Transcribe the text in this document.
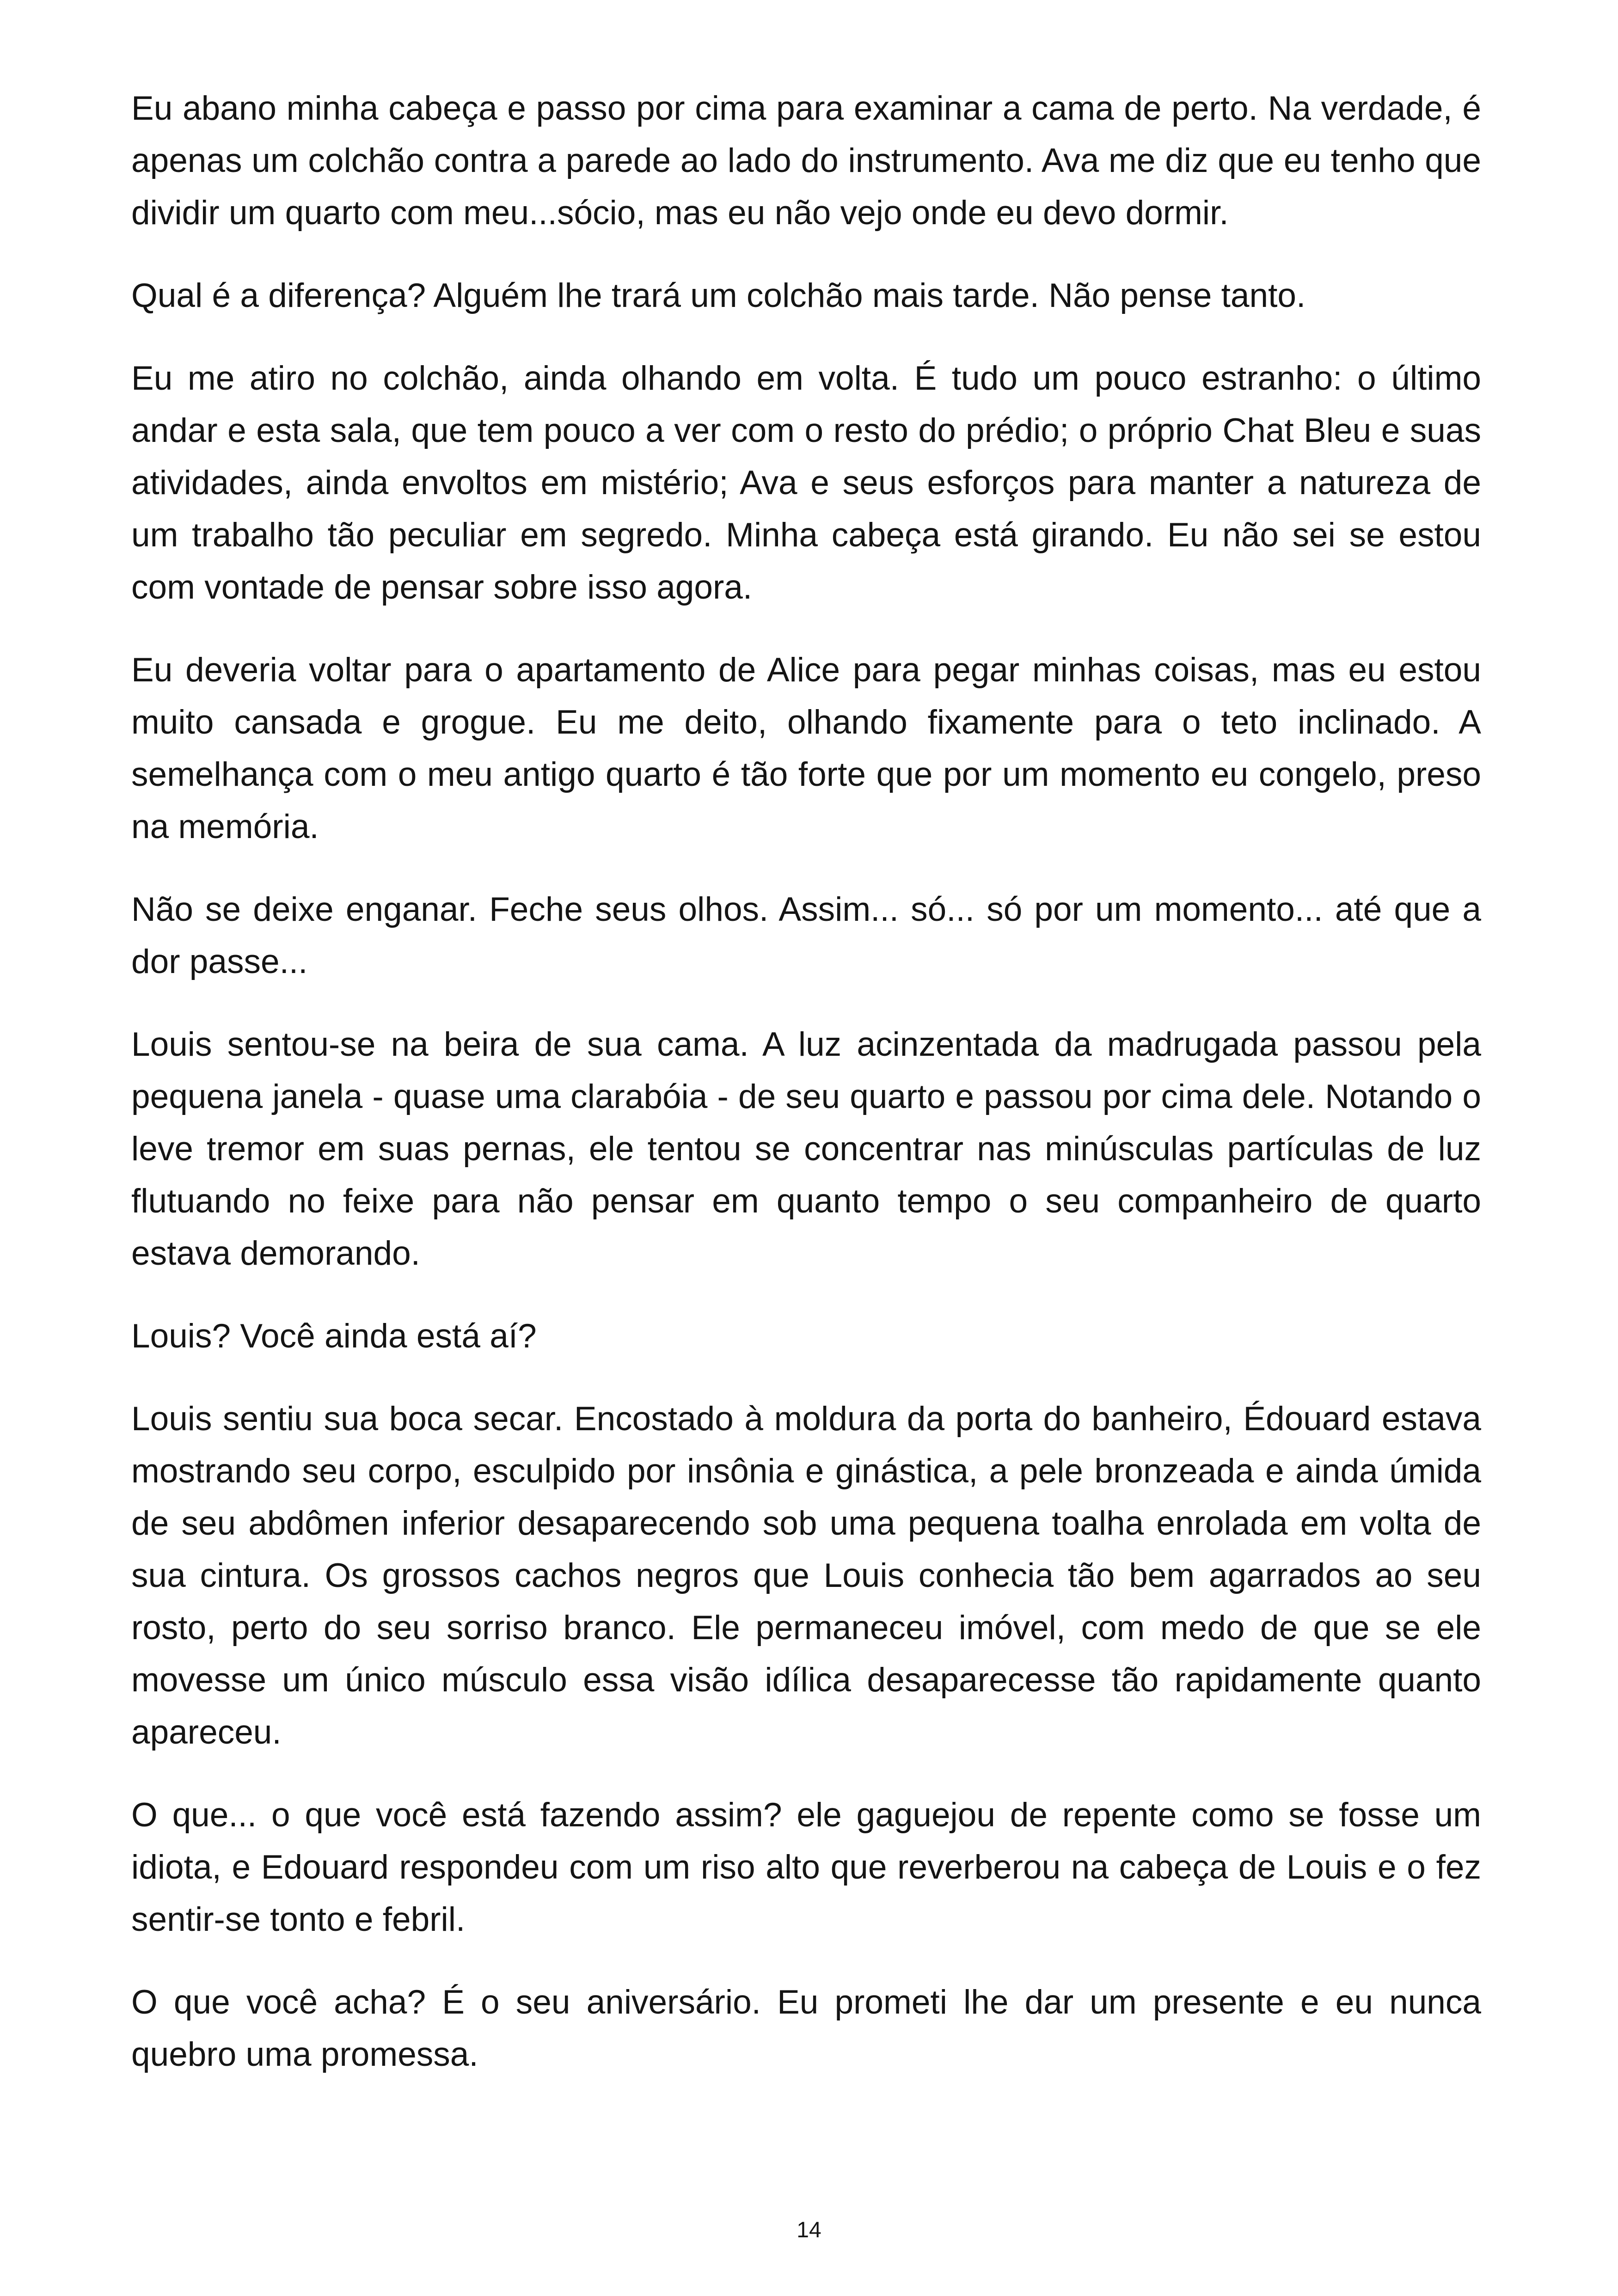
Eu abano minha cabeça e passo por cima para examinar a cama de perto. Na verdade, é apenas um colchão contra a parede ao lado do instrumento. Ava me diz que eu tenho que dividir um quarto com meu...sócio, mas eu não vejo onde eu devo dormir.

Qual é a diferença? Alguém lhe trará um colchão mais tarde. Não pense tanto.

Eu me atiro no colchão, ainda olhando em volta. É tudo um pouco estranho: o último andar e esta sala, que tem pouco a ver com o resto do prédio; o próprio Chat Bleu e suas atividades, ainda envoltos em mistério; Ava e seus esforços para manter a natureza de um trabalho tão peculiar em segredo. Minha cabeça está girando. Eu não sei se estou com vontade de pensar sobre isso agora.

Eu deveria voltar para o apartamento de Alice para pegar minhas coisas, mas eu estou muito cansada e grogue. Eu me deito, olhando fixamente para o teto inclinado. A semelhança com o meu antigo quarto é tão forte que por um momento eu congelo, preso na memória.

Não se deixe enganar. Feche seus olhos. Assim... só... só por um momento... até que a dor passe...

Louis sentou-se na beira de sua cama. A luz acinzentada da madrugada passou pela pequena janela - quase uma clarabóia - de seu quarto e passou por cima dele. Notando o leve tremor em suas pernas, ele tentou se concentrar nas minúsculas partículas de luz flutuando no feixe para não pensar em quanto tempo o seu companheiro de quarto estava demorando.

Louis? Você ainda está aí?

Louis sentiu sua boca secar. Encostado à moldura da porta do banheiro, Édouard estava mostrando seu corpo, esculpido por insônia e ginástica, a pele bronzeada e ainda úmida de seu abdômen inferior desaparecendo sob uma pequena toalha enrolada em volta de sua cintura. Os grossos cachos negros que Louis conhecia tão bem agarrados ao seu rosto, perto do seu sorriso branco. Ele permaneceu imóvel, com medo de que se ele movesse um único músculo essa visão idílica desaparecesse tão rapidamente quanto apareceu.

O que... o que você está fazendo assim? ele gaguejou de repente como se fosse um idiota, e Edouard respondeu com um riso alto que reverberou na cabeça de Louis e o fez sentir-se tonto e febril.

O que você acha? É o seu aniversário. Eu prometi lhe dar um presente e eu nunca quebro uma promessa.

14
